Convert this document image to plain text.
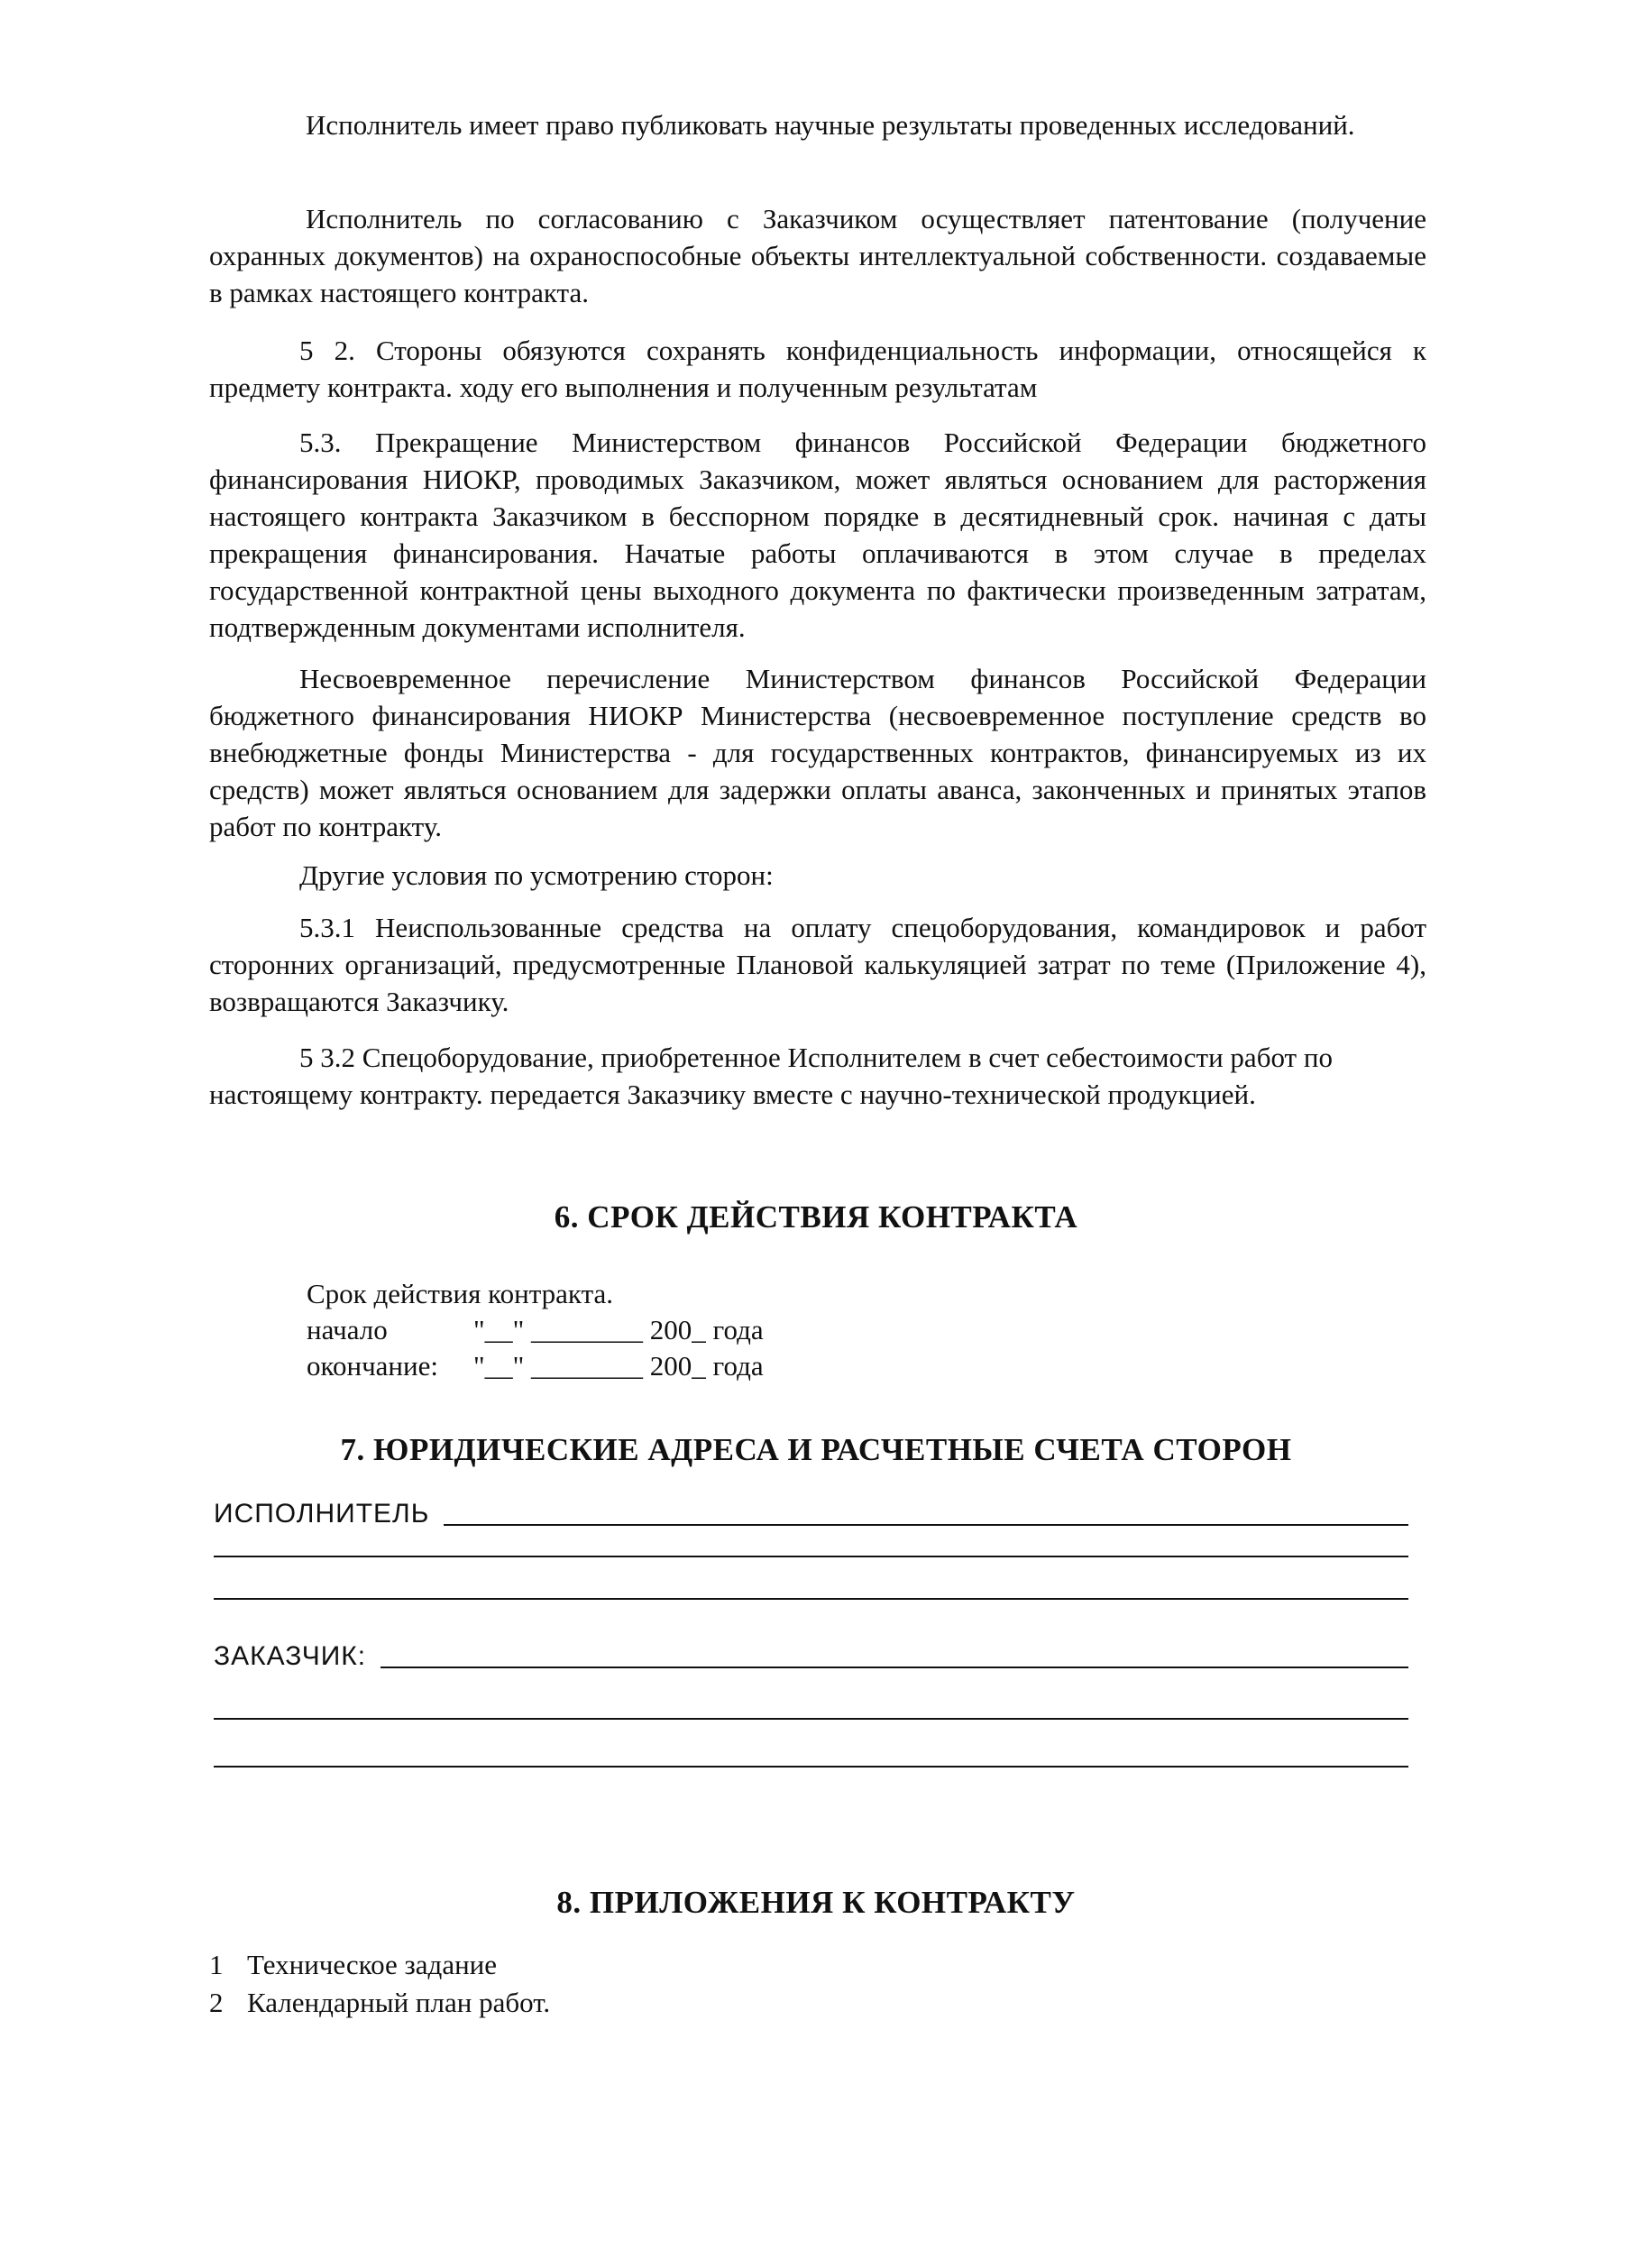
Исполнитель имеет право публиковать научные результаты проведенных исследований.

Исполнитель по согласованию с Заказчиком осуществляет патентование (получение охранных документов) на охраноспособные объекты интеллектуальной собственности. создаваемые в рамках настоящего контракта.

5 2. Стороны обязуются сохранять конфиденциальность информации, относящейся к предмету контракта. ходу его выполнения и полученным результатам

5.3. Прекращение Министерством финансов Российской Федерации бюджетного финансирования НИОКР, проводимых Заказчиком, может являться основанием для расторжения настоящего контракта Заказчиком в бесспорном порядке в десятидневный срок. начиная с даты прекращения финансирования. Начатые работы оплачиваются в этом случае в пределах государственной контрактной цены выходного документа по фактически произведенным затратам, подтвержденным документами исполнителя.

Несвоевременное перечисление Министерством финансов Российской Федерации бюджетного финансирования НИОКР Министерства (несвоевременное поступление средств во внебюджетные фонды Министерства - для государственных контрактов, финансируемых из их средств) может являться основанием для задержки оплаты аванса, законченных и принятых этапов работ по контракту.

Другие условия по усмотрению сторон:

5.3.1 Неиспользованные средства на оплату спецоборудования, командировок и работ сторонних организаций, предусмотренные Плановой калькуляцией затрат по теме (Приложение 4), возвращаются Заказчику.

5 3.2 Спецоборудование, приобретенное Исполнителем в счет себестоимости работ по настоящему контракту. передается Заказчику вместе с научно-технической продукцией.

6. СРОК ДЕЙСТВИЯ КОНТРАКТА
Срок действия контракта.
начало	"__" ________ 200_ года
окончание: "__" ________ 200_ года
7. ЮРИДИЧЕСКИЕ АДРЕСА И РАСЧЕТНЫЕ СЧЕТА СТОРОН
ИСПОЛНИТЕЛЬ
ЗАКАЗЧИК:
8. ПРИЛОЖЕНИЯ К КОНТРАКТУ
1 Техническое задание
2 Календарный план работ.
